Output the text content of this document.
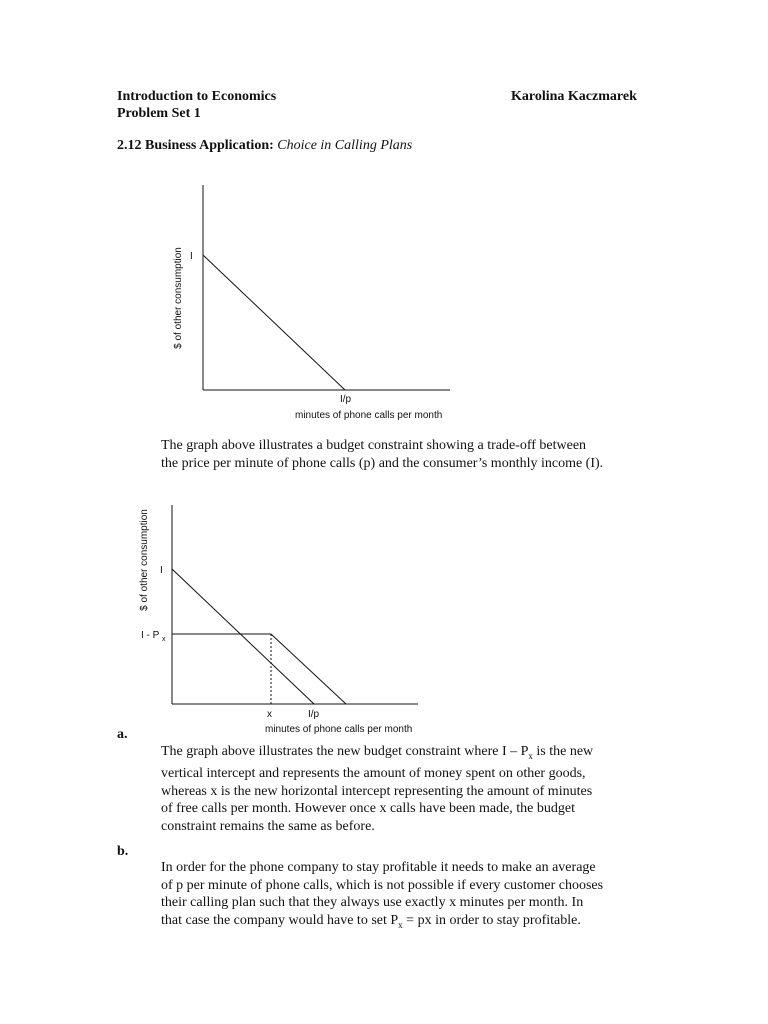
Introduction to Economics
Problem Set 1
Karolina Kaczmarek
2.12 Business Application: Choice in Calling Plans
$ of other consumption I
I/p
minutes of phone calls per month
The graph above illustrates a budget constraint showing a trade-off between
the price per minute of phone calls (p) and the consumer’s monthly income (I).
$ of other consumption I
I - P $_x$
x	I/p
minutes of phone calls per month
a.
The graph above illustrates the new budget constraint where I – $P_x$ is the new
vertical intercept and represents the amount of money spent on other goods,
whereas x is the new horizontal intercept representing the amount of minutes
of free calls per month. However once x calls have been made, the budget
constraint remains the same as before.
b.
In order for the phone company to stay profitable it needs to make an average
of p per minute of phone calls, which is not possible if every customer chooses
their calling plan such that they always use exactly x minutes per month. In
that case the company would have to set $P_x$ = px in order to stay profitable.
